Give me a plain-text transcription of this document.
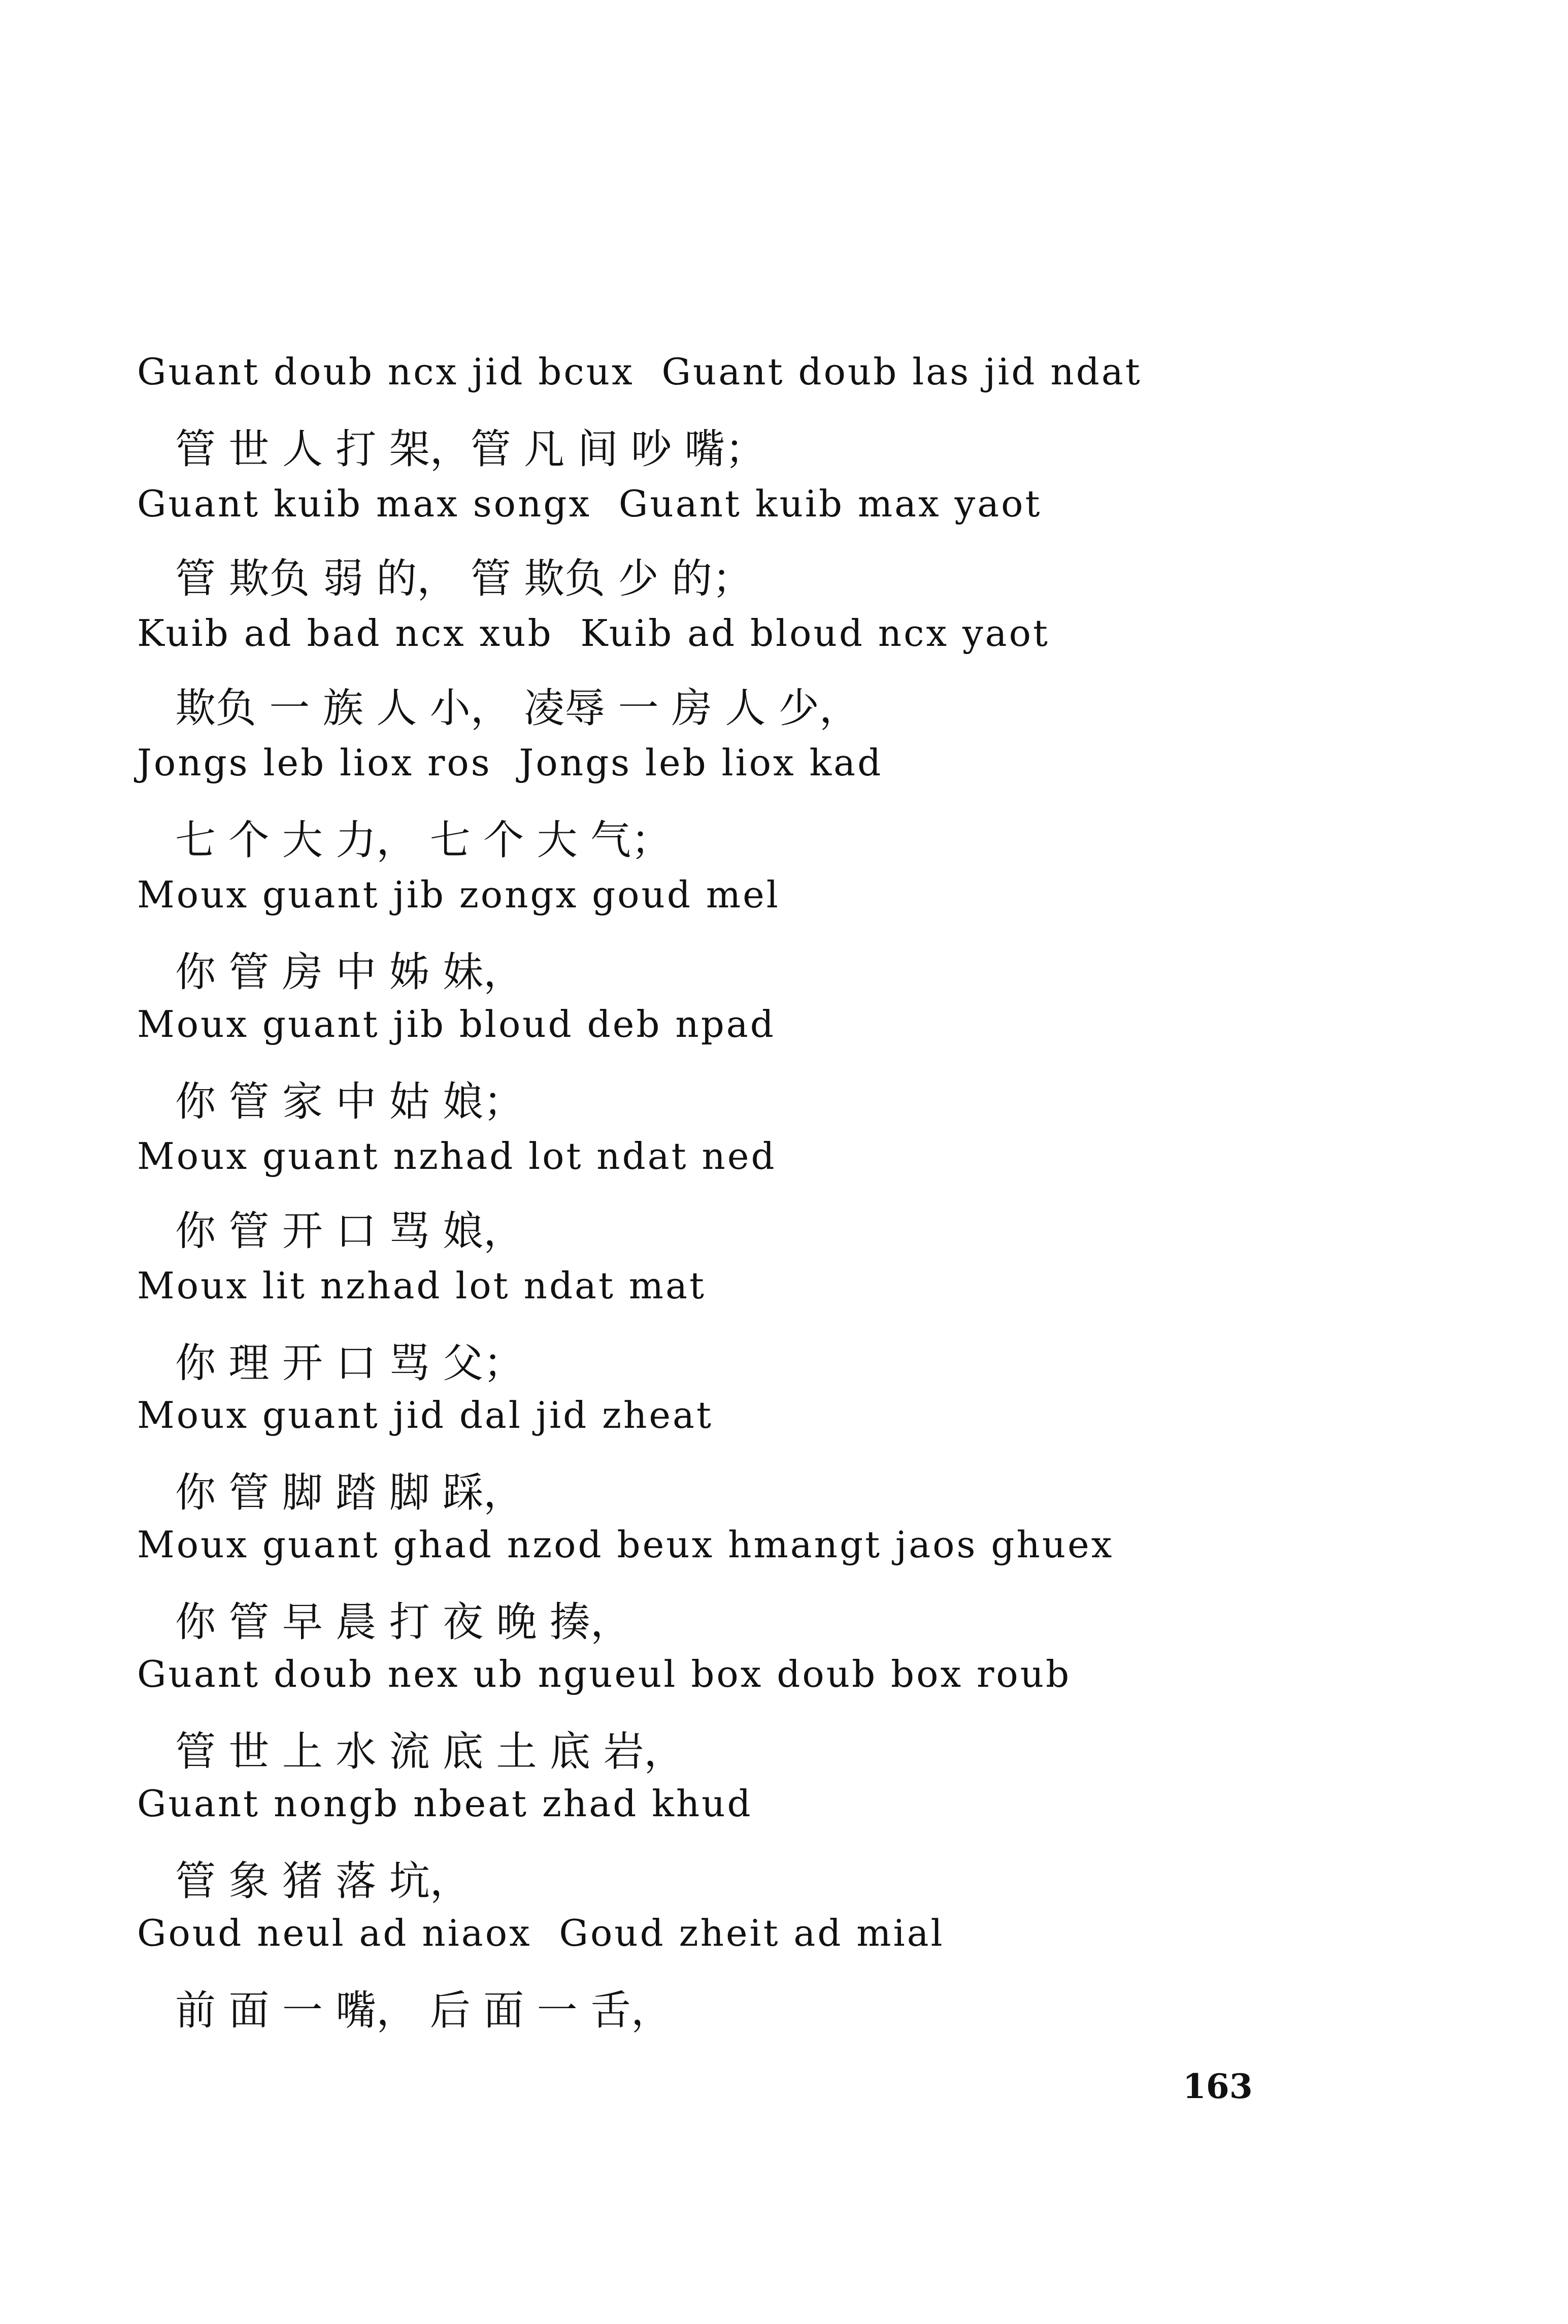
Guant doub ncx jid bcux  Guant doub las jid ndat
管 世 人 打 架，管 凡 间 吵 嘴；
Guant kuib max songx  Guant kuib max yaot
管 欺负 弱 的， 管 欺负 少 的；
Kuib ad bad ncx xub  Kuib ad bloud ncx yaot
欺负 一 族 人 小， 凌辱 一 房 人 少，
Jongs leb liox ros  Jongs leb liox kad
七 个 大 力， 七 个 大 气；
Moux guant jib zongx goud mel
你 管 房 中 姊 妹，
Moux guant jib bloud deb npad
你 管 家 中 姑 娘；
Moux guant nzhad lot ndat ned
你 管 开 口 骂 娘，
Moux lit nzhad lot ndat mat
你 理 开 口 骂 父；
Moux guant jid dal jid zheat
你 管 脚 踏 脚 踩，
Moux guant ghad nzod beux hmangt jaos ghuex
你 管 早 晨 打 夜 晚 揍，
Guant doub nex ub ngueul box doub box roub
管 世 上 水 流 底 土 底 岩，
Guant nongb nbeat zhad khud
管 象 猪 落 坑，
Goud neul ad niaox  Goud zheit ad mial
前 面 一 嘴， 后 面 一 舌，
163
